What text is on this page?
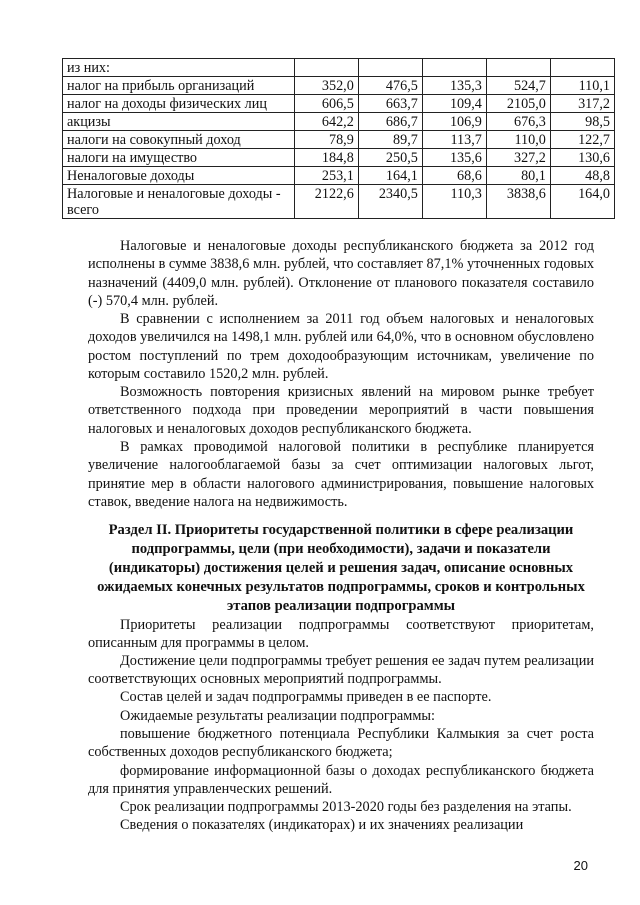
из них:					
налог на прибыль организаций	352,0	476,5	135,3	524,7	110,1
налог на доходы физических лиц	606,5	663,7	109,4	2105,0	317,2
акцизы	642,2	686,7	106,9	676,3	98,5
налоги на совокупный доход	78,9	89,7	113,7	110,0	122,7
налоги на имущество	184,8	250,5	135,6	327,2	130,6
Неналоговые доходы	253,1	164,1	68,6	80,1	48,8
Налоговые и неналоговые доходы - всего	2122,6	2340,5	110,3	3838,6	164,0

Налоговые и неналоговые доходы республиканского бюджета за 2012 год исполнены в сумме 3838,6 млн. рублей, что составляет 87,1% уточненных годовых назначений (4409,0 млн. рублей). Отклонение от планового показателя составило (-) 570,4 млн. рублей.

В сравнении с исполнением за 2011 год объем налоговых и неналоговых доходов увеличился на 1498,1 млн. рублей или 64,0%, что в основном обусловлено ростом поступлений по трем доходообразующим источникам, увеличение по которым составило 1520,2 млн. рублей.

Возможность повторения кризисных явлений на мировом рынке требует ответственного подхода при проведении мероприятий в части повышения налоговых и неналоговых доходов республиканского бюджета.

В рамках проводимой налоговой политики в республике планируется увеличение налогооблагаемой базы за счет оптимизации налоговых льгот, принятие мер в области налогового администрирования, повышение налоговых ставок, введение налога на недвижимость.

Раздел II. Приоритеты государственной политики в сфере реализации подпрограммы, цели (при необходимости), задачи и показатели (индикаторы) достижения целей и решения задач, описание основных ожидаемых конечных результатов подпрограммы, сроков и контрольных этапов реализации подпрограммы

Приоритеты реализации подпрограммы соответствуют приоритетам, описанным для программы в целом.

Достижение цели подпрограммы требует решения ее задач путем реализации соответствующих основных мероприятий подпрограммы.

Состав целей и задач подпрограммы приведен в ее паспорте.

Ожидаемые результаты реализации подпрограммы:

повышение бюджетного потенциала Республики Калмыкия за счет роста собственных доходов республиканского бюджета;

формирование информационной базы о доходах республиканского бюджета для принятия управленческих решений.

Срок реализации подпрограммы 2013-2020 годы без разделения на этапы.

Сведения о показателях (индикаторах) и их значениях реализации

20
